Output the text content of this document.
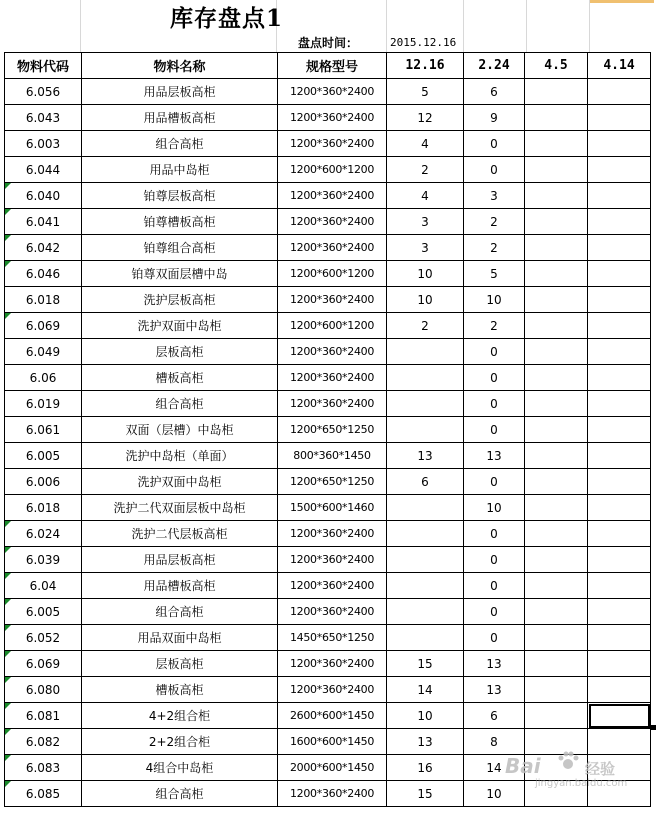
库存盘点1
盘点时间：	2015.12.16
物料代码	物料名称	规格型号	12.16	2.24	4.5	4.14
6.056	用品层板高柜	1200*360*2400	5	6		
6.043	用品槽板高柜	1200*360*2400	12	9		
6.003	组合高柜	1200*360*2400	4	0		
6.044	用品中岛柜	1200*600*1200	2	0		
6.040	铂尊层板高柜	1200*360*2400	4	3		
6.041	铂尊槽板高柜	1200*360*2400	3	2		
6.042	铂尊组合高柜	1200*360*2400	3	2		
6.046	铂尊双面层槽中岛	1200*600*1200	10	5		
6.018	洗护层板高柜	1200*360*2400	10	10		
6.069	洗护双面中岛柜	1200*600*1200	2	2		
6.049	层板高柜	1200*360*2400		0		
6.06	槽板高柜	1200*360*2400		0		
6.019	组合高柜	1200*360*2400		0		
6.061	双面（层槽）中岛柜	1200*650*1250		0		
6.005	洗护中岛柜（单面）	800*360*1450	13	13		
6.006	洗护双面中岛柜	1200*650*1250	6	0		
6.018	洗护二代双面层板中岛柜	1500*600*1460		10		
6.024	洗护二代层板高柜	1200*360*2400		0		
6.039	用品层板高柜	1200*360*2400		0		
6.04	用品槽板高柜	1200*360*2400		0		
6.005	组合高柜	1200*360*2400		0		
6.052	用品双面中岛柜	1450*650*1250		0		
6.069	层板高柜	1200*360*2400	15	13		
6.080	槽板高柜	1200*360*2400	14	13		
6.081	4+2组合柜	2600*600*1450	10	6		
6.082	2+2组合柜	1600*600*1450	13	8		
6.083	4组合中岛柜	2000*600*1450	16	14		
6.085	组合高柜	1200*360*2400	15	10		
Bai	经验
jingyan.baidu.com
